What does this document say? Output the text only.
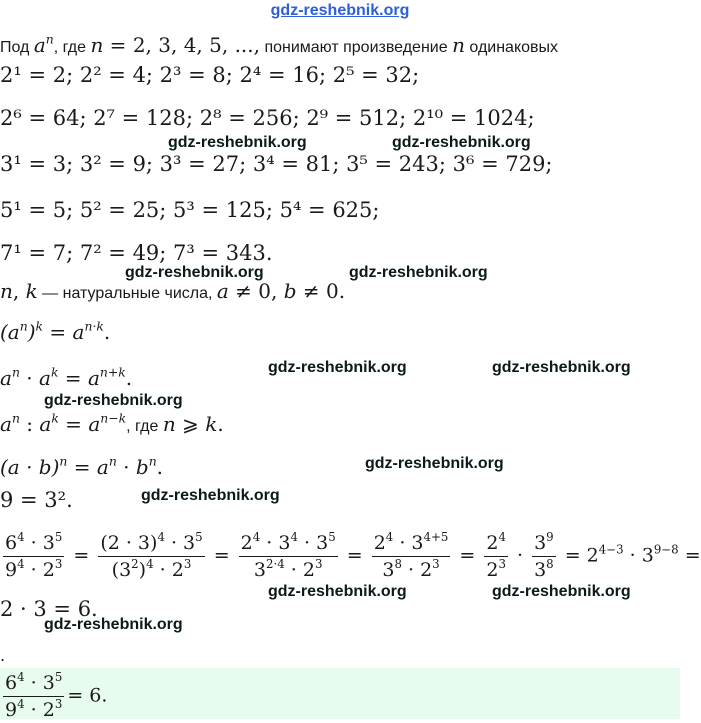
gdz-reshebnik.org
gdz-reshebnik.org	gdz-reshebnik.org
gdz-reshebnik.org	gdz-reshebnik.org
gdz-reshebnik.org	gdz-reshebnik.org
gdz-reshebnik.org
gdz-reshebnik.org
gdz-reshebnik.org
gdz-reshebnik.org	gdz-reshebnik.org
gdz-reshebnik.org
Под $a^n$, где n = 2, 3, 4, 5, ..., понимают произведение n одинаковых
2¹ = 2; 2² = 4; 2³ = 8; 2⁴ = 16; 2⁵ = 32;
2⁶ = 64; 2⁷ = 128; 2⁸ = 256; 2⁹ = 512; 2¹⁰ = 1024;
3¹ = 3; 3² = 9; 3³ = 27; 3⁴ = 81; 3⁵ = 243; 3⁶ = 729;
5¹ = 5; 5² = 25; 5³ = 125; 5⁴ = 625;
7¹ = 7; 7² = 49; 7³ = 343.
n, k — натуральные числа, a ≠ 0, b ≠ 0.
$(a^n)^k = a^{n\cdot k}$.
$a^n \cdot a^k = a^{n+k}$.
$a^n$ : $a^k = a^{n-k}$, где n ⩾ k.
$(a \cdot b)^n = a^n \cdot b^n$.
9 = 3².
$\frac{6^4 \cdot 3^5}{9^4 \cdot 2^3} = \frac{(2 \cdot 3)^4 \cdot 3^5}{(3^2)^4 \cdot 2^3} = \frac{2^4 \cdot 3^4 \cdot 3^5}{3^{2\cdot 4} \cdot 2^3} = \frac{2^4 \cdot 3^{4+5}}{3^8 \cdot 2^3} = \frac{2^4}{2^3} \cdot \frac{3^9}{3^8} = 2^{4-3} \cdot 3^{9-8}$ =
2 · 3 = 6.
.
$\frac{6^4 \cdot 3^5}{9^4 \cdot 2^3} = 6$.
